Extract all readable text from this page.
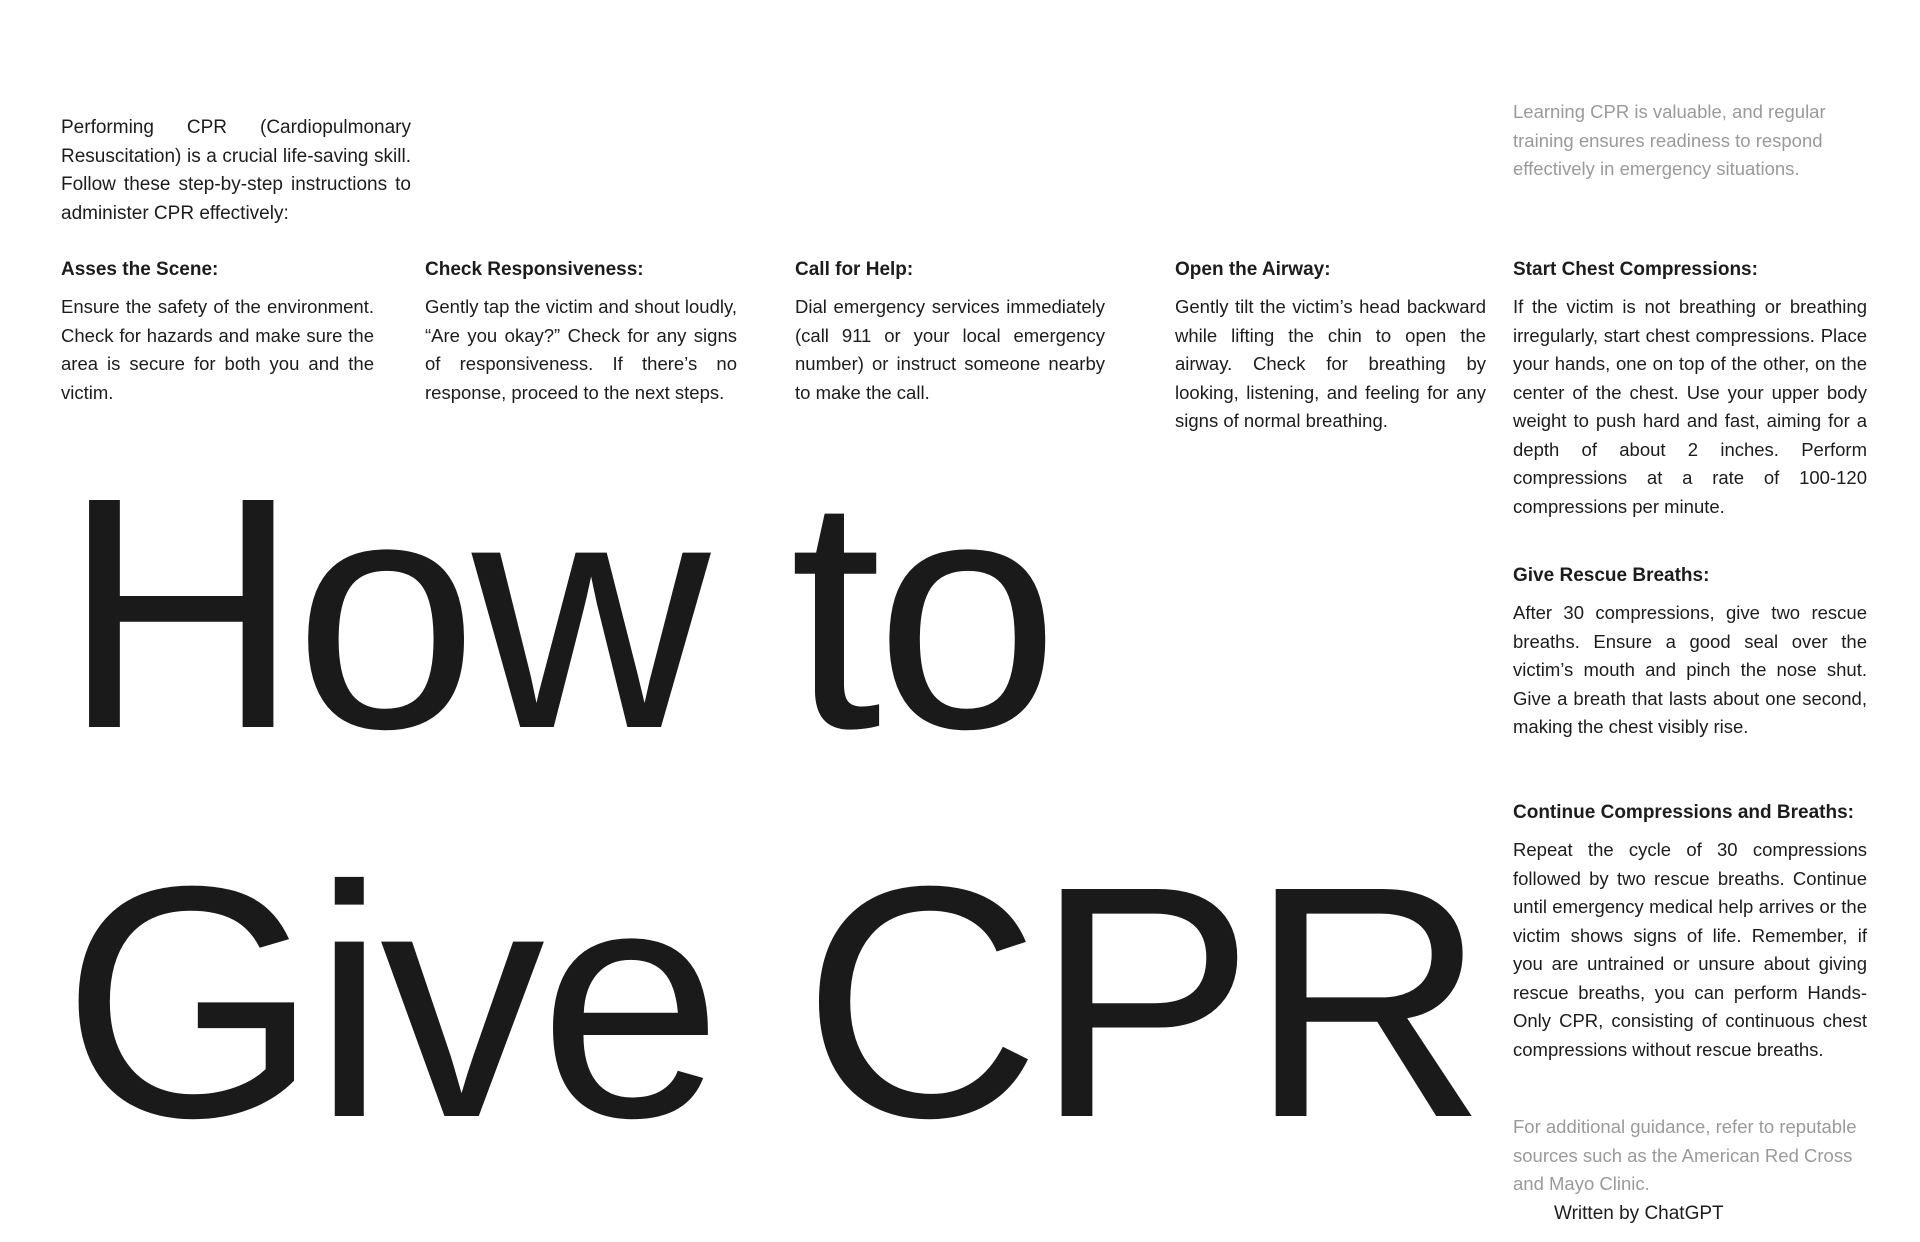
Performing CPR (Cardiopulmonary Resuscitation) is a crucial life-saving skill. Follow these step-by-step instructions to administer CPR effectively:

Learning CPR is valuable, and regular training ensures readiness to respond effectively in emergency situations.

Asses the Scene:

Ensure the safety of the environment. Check for hazards and make sure the area is secure for both you and the victim.

Check Responsiveness:

Gently tap the victim and shout loudly, “Are you okay?” Check for any signs of responsiveness. If there’s no response, proceed to the next steps.

Call for Help:

Dial emergency services immediately (call 911 or your local emergency number) or instruct someone nearby to make the call.

Open the Airway:

Gently tilt the victim’s head backward while lifting the chin to open the airway. Check for breathing by looking, listening, and feeling for any signs of normal breathing.

Start Chest Compressions:

If the victim is not breathing or breathing irregularly, start chest compressions. Place your hands, one on top of the other, on the center of the chest. Use your upper body weight to push hard and fast, aiming for a depth of about 2 inches. Perform compressions at a rate of 100-120 compressions per minute.

Give Rescue Breaths:

After 30 compressions, give two rescue breaths. Ensure a good seal over the victim’s mouth and pinch the nose shut. Give a breath that lasts about one second, making the chest visibly rise.

Continue Compressions and Breaths:

Repeat the cycle of 30 compressions followed by two rescue breaths. Continue until emergency medical help arrives or the victim shows signs of life. Remember, if you are untrained or unsure about giving rescue breaths, you can perform Hands-Only CPR, consisting of continuous chest compressions without rescue breaths.

How to
Give CPR For additional guidance, refer to reputable sources such as the American Red Cross and Mayo Clinic.

Written by ChatGPT
